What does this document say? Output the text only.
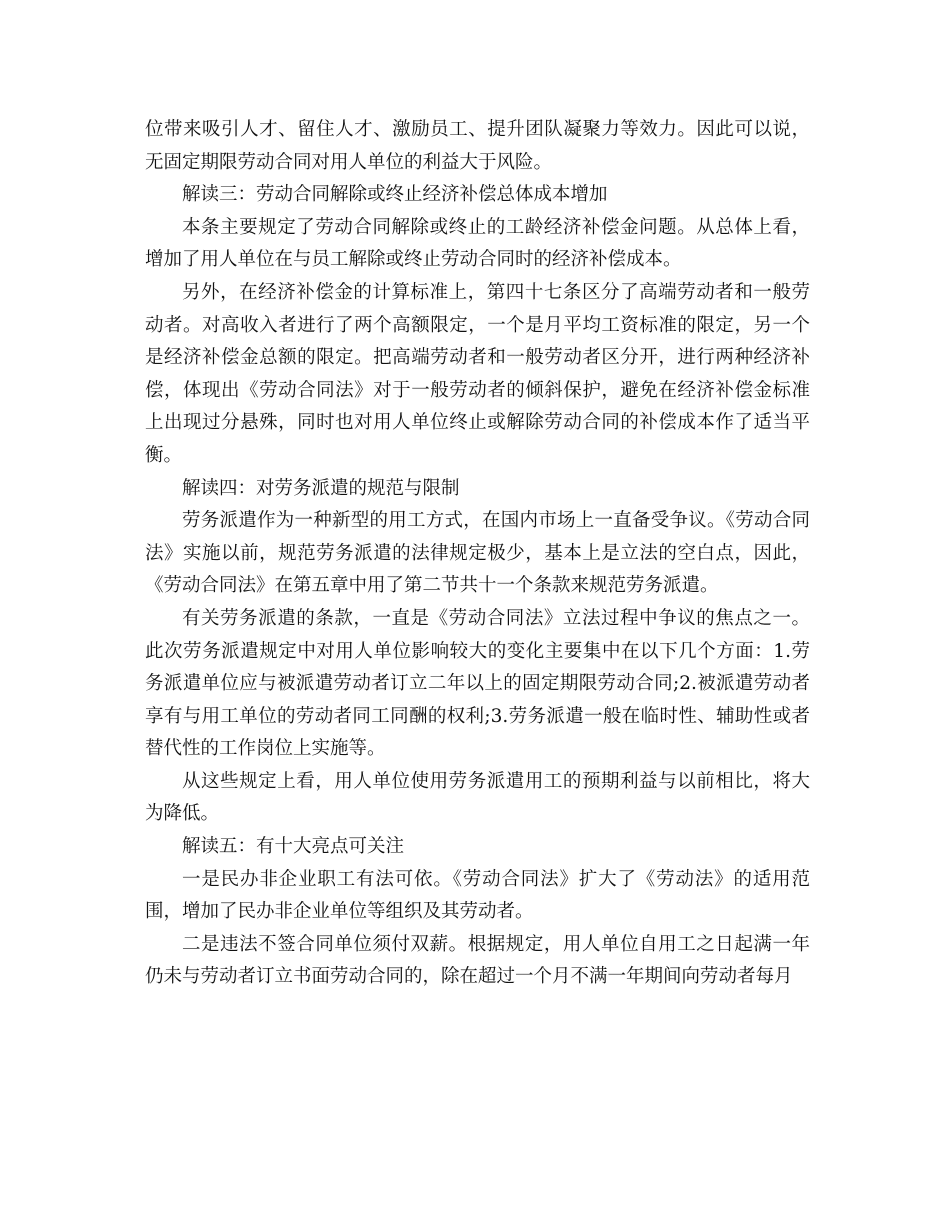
位带来吸引人才、留住人才、激励员工、提升团队凝聚力等效力。因此可以说，无固定期限劳动合同对用人单位的利益大于风险。

解读三：劳动合同解除或终止经济补偿总体成本增加

本条主要规定了劳动合同解除或终止的工龄经济补偿金问题。从总体上看，增加了用人单位在与员工解除或终止劳动合同时的经济补偿成本。

另外，在经济补偿金的计算标准上，第四十七条区分了高端劳动者和一般劳动者。对高收入者进行了两个高额限定，一个是月平均工资标准的限定，另一个是经济补偿金总额的限定。把高端劳动者和一般劳动者区分开，进行两种经济补偿，体现出《劳动合同法》对于一般劳动者的倾斜保护，避免在经济补偿金标准上出现过分悬殊，同时也对用人单位终止或解除劳动合同的补偿成本作了适当平衡。

解读四：对劳务派遣的规范与限制

劳务派遣作为一种新型的用工方式，在国内市场上一直备受争议。《劳动合同法》实施以前，规范劳务派遣的法律规定极少，基本上是立法的空白点，因此，《劳动合同法》在第五章中用了第二节共十一个条款来规范劳务派遣。

有关劳务派遣的条款，一直是《劳动合同法》立法过程中争议的焦点之一。此次劳务派遣规定中对用人单位影响较大的变化主要集中在以下几个方面：1.劳务派遣单位应与被派遣劳动者订立二年以上的固定期限劳动合同;2.被派遣劳动者享有与用工单位的劳动者同工同酬的权利;3.劳务派遣一般在临时性、辅助性或者替代性的工作岗位上实施等。

从这些规定上看，用人单位使用劳务派遣用工的预期利益与以前相比，将大为降低。

解读五：有十大亮点可关注

一是民办非企业职工有法可依。《劳动合同法》扩大了《劳动法》的适用范围，增加了民办非企业单位等组织及其劳动者。

二是违法不签合同单位须付双薪。根据规定，用人单位自用工之日起满一年仍未与劳动者订立书面劳动合同的，除在超过一个月不满一年期间向劳动者每月
